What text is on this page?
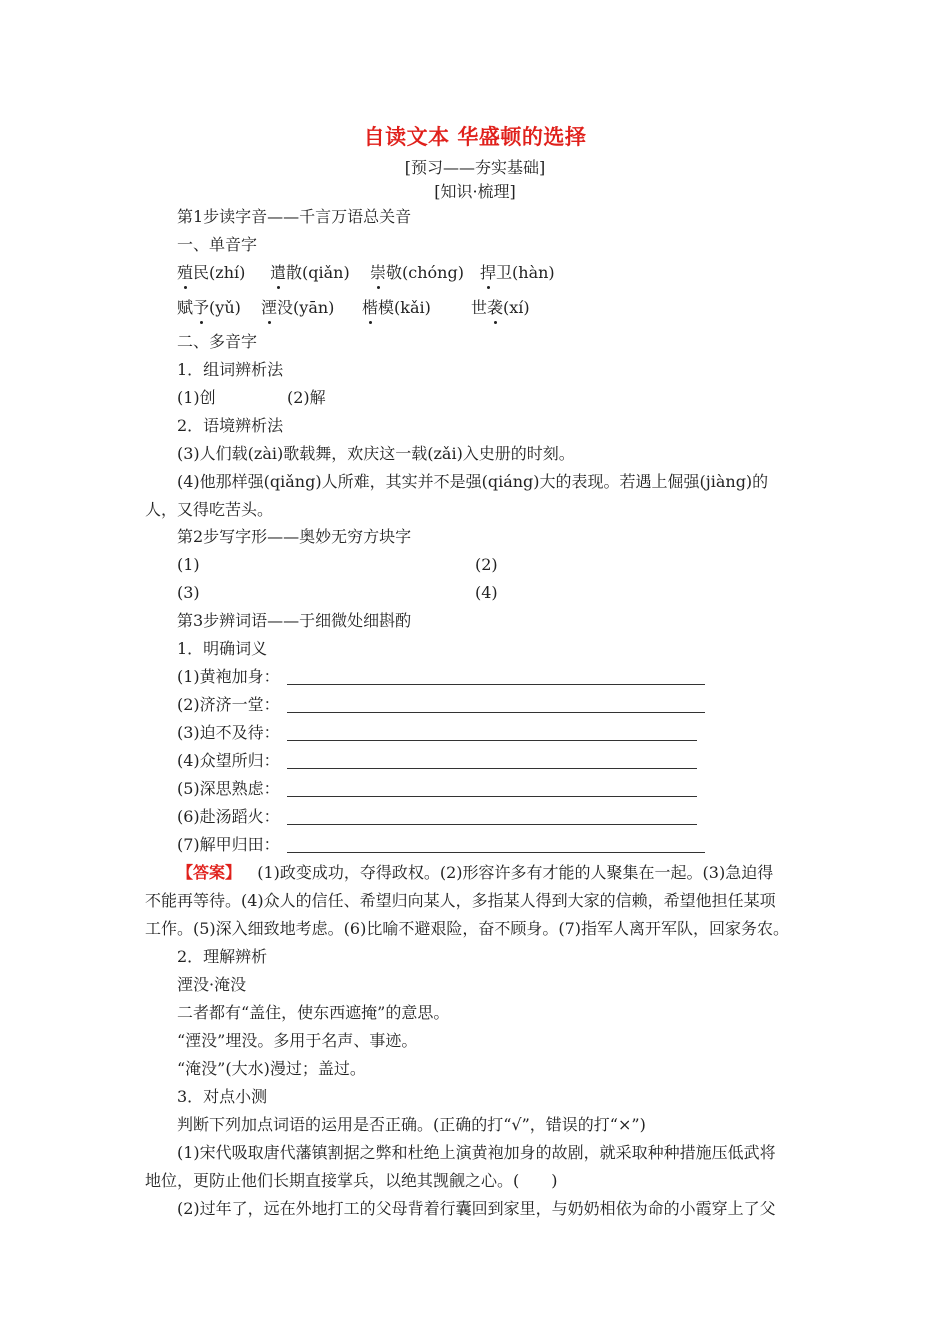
自读文本 华盛顿的选择
[预习——夯实基础]
[知识·梳理]
第1步读字音——千言万语总关音
一、单音字
殖民(zhí) 遣散(qiǎn) 崇敬(chóng) 捍卫(hàn)
赋予(yǔ) 湮没(yān) 楷模(kǎi)	世袭(xí)
二、多音字
1．组词辨析法
(1)创	(2)解
2．语境辨析法
(3)人们载(zài)歌载舞，欢庆这一载(zǎi)入史册的时刻。
(4)他那样强(qiǎng)人所难，其实并不是强(qiáng)大的表现。若遇上倔强(jiàng)的
人，又得吃苦头。
第2步写字形——奥妙无穷方块字
(1)	(2)
(3)	(4)
第3步辨词语——于细微处细斟酌
1．明确词义
(1)黄袍加身：
(2)济济一堂：
(3)迫不及待：
(4)众望所归：
(5)深思熟虑：
(6)赴汤蹈火：
(7)解甲归田：
【答案】 (1)政变成功，夺得政权。(2)形容许多有才能的人聚集在一起。(3)急迫得
不能再等待。(4)众人的信任、希望归向某人，多指某人得到大家的信赖，希望他担任某项
工作。(5)深入细致地考虑。(6)比喻不避艰险，奋不顾身。(7)指军人离开军队，回家务农。
2．理解辨析
湮没·淹没
二者都有“盖住，使东西遮掩”的意思。
“湮没”埋没。多用于名声、事迹。
“淹没”(大水)漫过；盖过。
3．对点小测
判断下列加点词语的运用是否正确。(正确的打“√”，错误的打“×”)
(1)宋代吸取唐代藩镇割据之弊和杜绝上演黄袍加身的故剧，就采取种种措施压低武将
地位，更防止他们长期直接掌兵，以绝其觊觎之心。(　　)
(2)过年了，远在外地打工的父母背着行囊回到家里，与奶奶相依为命的小霞穿上了父
